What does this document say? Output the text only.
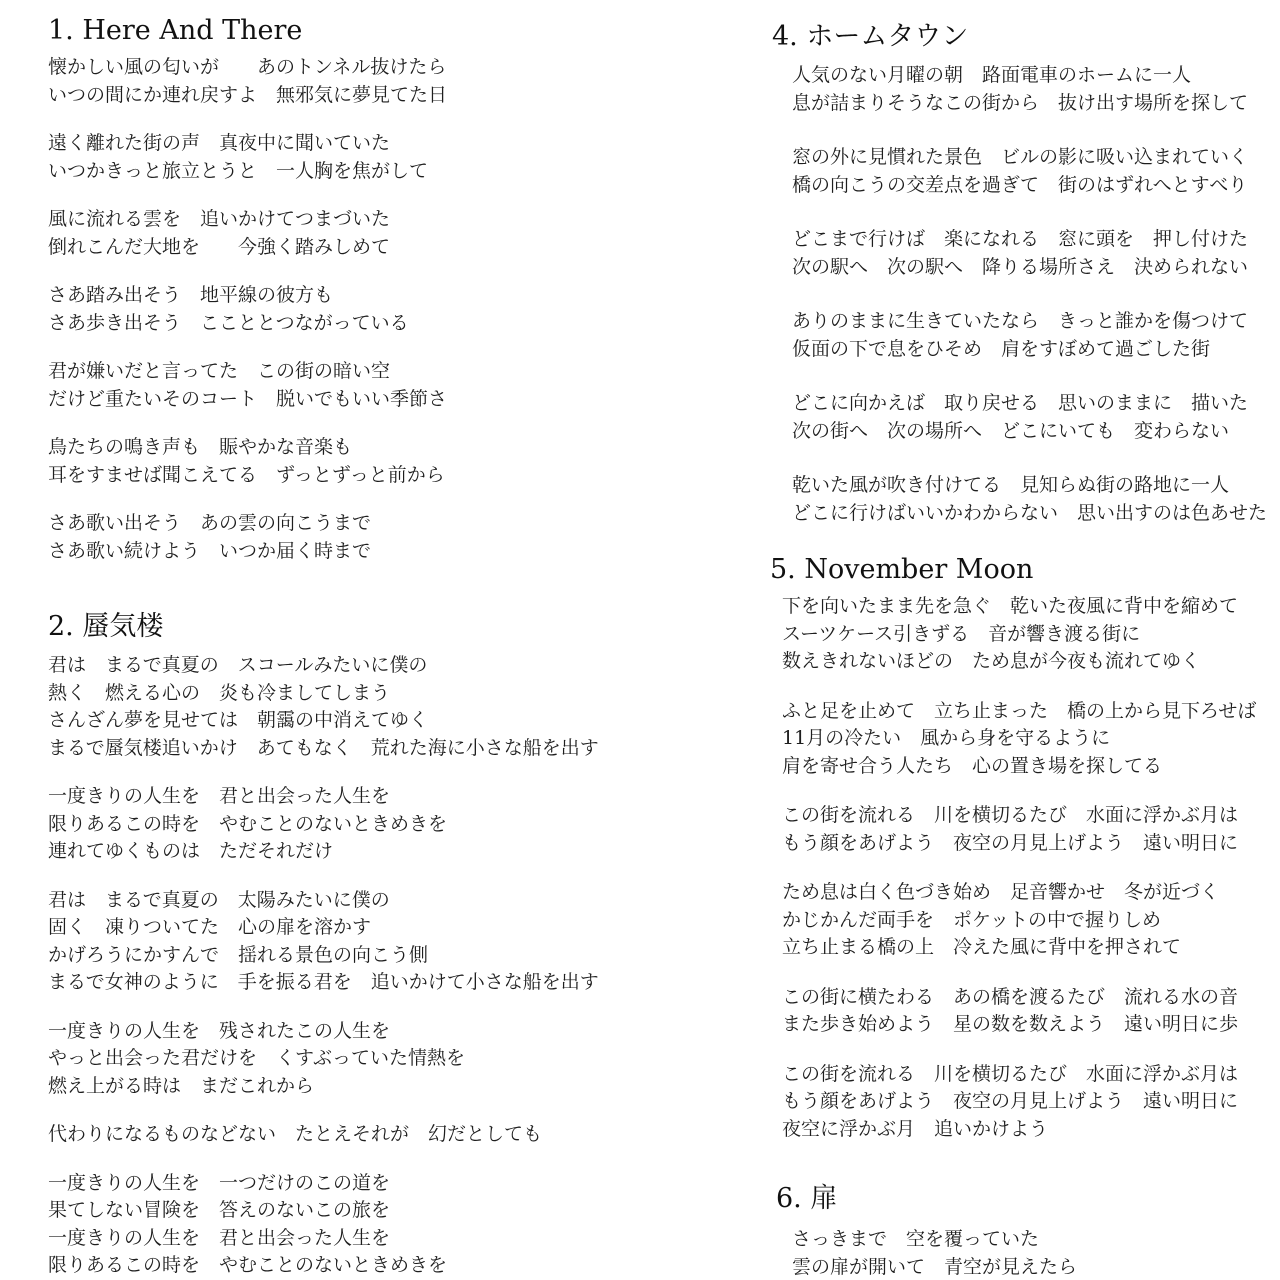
1. Here And There
懐かしい風の匂いが　　あのトンネル抜けたら
いつの間にか連れ戻すよ　無邪気に夢見てた日
遠く離れた街の声　真夜中に聞いていた
いつかきっと旅立とうと　一人胸を焦がして
風に流れる雲を　追いかけてつまづいた
倒れこんだ大地を　　今強く踏みしめて
さあ踏み出そう　地平線の彼方も
さあ歩き出そう　ここととつながっている
君が嫌いだと言ってた　この街の暗い空
だけど重たいそのコート　脱いでもいい季節さ
鳥たちの鳴き声も　賑やかな音楽も
耳をすませば聞こえてる　ずっとずっと前から
さあ歌い出そう　あの雲の向こうまで
さあ歌い続けよう　いつか届く時まで
2. 蜃気楼
君は　まるで真夏の　スコールみたいに僕の
熱く　燃える心の　炎も冷ましてしまう
さんざん夢を見せては　朝靄の中消えてゆく
まるで蜃気楼追いかけ　あてもなく　荒れた海に小さな船を出す
一度きりの人生を　君と出会った人生を
限りあるこの時を　やむことのないときめきを
連れてゆくものは　ただそれだけ
君は　まるで真夏の　太陽みたいに僕の
固く　凍りついてた　心の扉を溶かす
かげろうにかすんで　揺れる景色の向こう側
まるで女神のように　手を振る君を　追いかけて小さな船を出す
一度きりの人生を　残されたこの人生を
やっと出会った君だけを　くすぶっていた情熱を
燃え上がる時は　まだこれから
代わりになるものなどない　たとえそれが　幻だとしても
一度きりの人生を　一つだけのこの道を
果てしない冒険を　答えのないこの旅を
一度きりの人生を　君と出会った人生を
限りあるこの時を　やむことのないときめきを
4. ホームタウン
人気のない月曜の朝　路面電車のホームに一人
息が詰まりそうなこの街から　抜け出す場所を探して
窓の外に見慣れた景色　ビルの影に吸い込まれていく
橋の向こうの交差点を過ぎて　街のはずれへとすべり
どこまで行けば　楽になれる　窓に頭を　押し付けた
次の駅へ　次の駅へ　降りる場所さえ　決められない
ありのままに生きていたなら　きっと誰かを傷つけて
仮面の下で息をひそめ　肩をすぼめて過ごした街
どこに向かえば　取り戻せる　思いのままに　描いた
次の街へ　次の場所へ　どこにいても　変わらない
乾いた風が吹き付けてる　見知らぬ街の路地に一人
どこに行けばいいかわからない　思い出すのは色あせた
5. November Moon
下を向いたまま先を急ぐ　乾いた夜風に背中を縮めて
スーツケース引きずる　音が響き渡る街に
数えきれないほどの　ため息が今夜も流れてゆく
ふと足を止めて　立ち止まった　橋の上から見下ろせば
11月の冷たい　風から身を守るように
肩を寄せ合う人たち　心の置き場を探してる
この街を流れる　川を横切るたび　水面に浮かぶ月は
もう顔をあげよう　夜空の月見上げよう　遠い明日に
ため息は白く色づき始め　足音響かせ　冬が近づく
かじかんだ両手を　ポケットの中で握りしめ
立ち止まる橋の上　冷えた風に背中を押されて
この街に横たわる　あの橋を渡るたび　流れる水の音
また歩き始めよう　星の数を数えよう　遠い明日に歩
この街を流れる　川を横切るたび　水面に浮かぶ月は
もう顔をあげよう　夜空の月見上げよう　遠い明日に
夜空に浮かぶ月　追いかけよう
6. 扉
さっきまで　空を覆っていた
雲の扉が開いて　青空が見えたら
